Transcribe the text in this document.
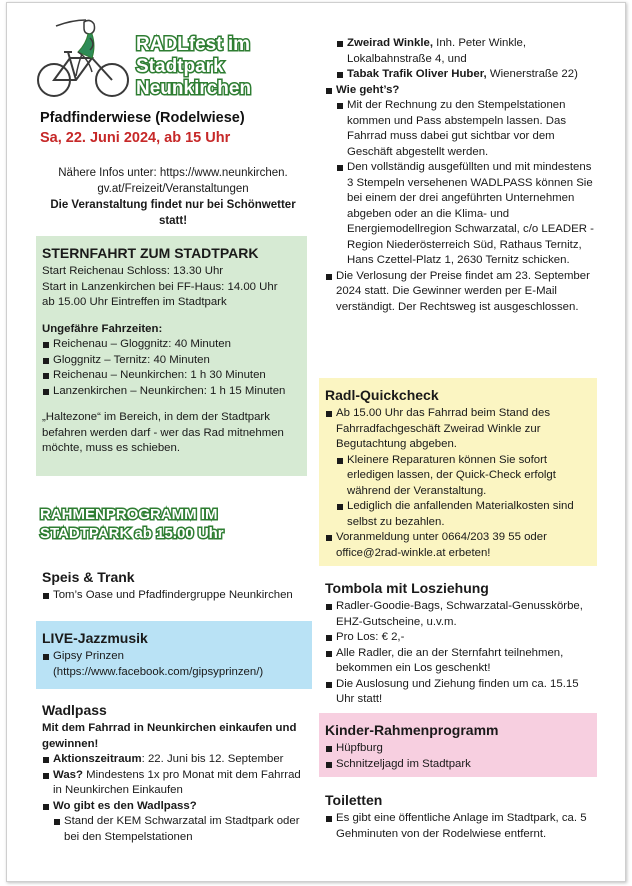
RADLfest im Stadtpark Neunkirchen
Pfadfinderwiese (Rodelwiese)
Sa, 22. Juni 2024, ab 15 Uhr
Nähere Infos unter: https://www.neunkirchen.
gv.at/Freizeit/Veranstaltungen
Die Veranstaltung findet nur bei Schönwetter statt!
STERNFAHRT ZUM STADTPARK
Start Reichenau Schloss: 13.30 Uhr
Start in Lanzenkirchen bei FF-Haus: 14.00 Uhr
ab 15.00 Uhr Eintreffen im Stadtpark
Ungefähre Fahrzeiten:
Reichenau – Gloggnitz: 40 Minuten
Gloggnitz – Ternitz: 40 Minuten
Reichenau – Neunkirchen: 1 h 30 Minuten
Lanzenkirchen – Neunkirchen: 1 h 15 Minuten
„Haltezone“ im Bereich, in dem der Stadtpark befahren werden darf - wer das Rad mitnehmen möchte, muss es schieben.
RAHMENPROGRAMM IM
STADTPARK ab 15.00 Uhr
Speis & Trank
Tom’s Oase und Pfadfindergruppe Neunkirchen
LIVE-Jazzmusik
Gipsy Prinzen (https://www.facebook.com/gipsyprinzen/)
Wadlpass
Mit dem Fahrrad in Neunkirchen einkaufen und gewinnen!
Aktionszeitraum: 22. Juni bis 12. September
Was? Mindestens 1x pro Monat mit dem Fahrrad in Neunkirchen Einkaufen
Wo gibt es den Wadlpass?
Stand der KEM Schwarzatal im Stadtpark oder bei den Stempelstationen
Zweirad Winkle, Inh. Peter Winkle, Lokalbahnstraße 4, und
Tabak Trafik Oliver Huber, Wienerstraße 22)
Wie geht’s?
Mit der Rechnung zu den Stempelstationen kommen und Pass abstempeln lassen. Das Fahrrad muss dabei gut sichtbar vor dem Geschäft abgestellt werden.
Den vollständig ausgefüllten und mit mindestens 3 Stempeln versehenen WADLPASS können Sie bei einem der drei angeführten Unternehmen abgeben oder an die Klima- und Energiemodellregion Schwarzatal, c/o LEADER - Region Niederösterreich Süd, Rathaus Ternitz, Hans Czettel-Platz 1, 2630 Ternitz schicken.
Die Verlosung der Preise findet am 23. September 2024 statt. Die Gewinner werden per E-Mail verständigt. Der Rechtsweg ist ausgeschlossen.
Radl-Quickcheck
Ab 15.00 Uhr das Fahrrad beim Stand des Fahrradfachgeschäft Zweirad Winkle zur Begutachtung abgeben.
Kleinere Reparaturen können Sie sofort erledigen lassen, der Quick-Check erfolgt während der Veranstaltung.
Lediglich die anfallenden Materialkosten sind selbst zu bezahlen.
Voranmeldung unter 0664/203 39 55 oder office@2rad-winkle.at erbeten!
Tombola mit Losziehung
Radler-Goodie-Bags, Schwarzatal-Genusskörbe, EHZ-Gutscheine, u.v.m.
Pro Los: € 2,-
Alle Radler, die an der Sternfahrt teilnehmen, bekommen ein Los geschenkt!
Die Auslosung und Ziehung finden um ca. 15.15 Uhr statt!
Kinder-Rahmenprogramm
Hüpfburg
Schnitzeljagd im Stadtpark
Toiletten
Es gibt eine öffentliche Anlage im Stadtpark, ca. 5 Gehminuten von der Rodelwiese entfernt.
